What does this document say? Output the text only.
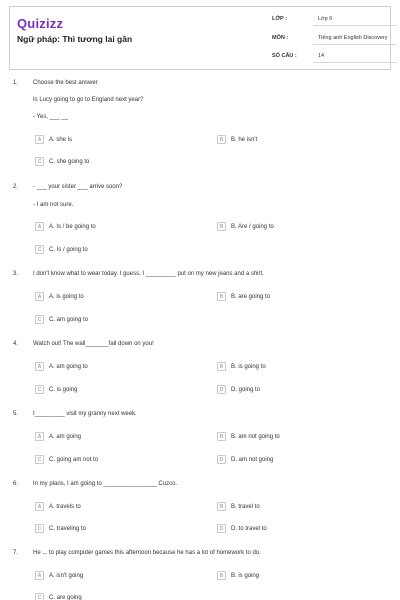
Quizizz
Ngữ pháp: Thì tương lai gần
LỚP :	Lớp 6
MÔN :	Tiếng anh English Discovery
SỐ CÂU :	14
1. Choose the best answer
Is Lucy going to go to England next year?
- Yes, ___ __
A	A. she is	B	B. he isn't
C	C. she going to
2. - ___ your sister ___ arrive soon?
- I am not sure.
A	A. Is / be going to	B	B. Are / going to
C	C. Is / going to
3. I don't know what to wear today. I guess, I _________ put on my new jeans and a shirt.
A	A. is going to	B	B. are going to
C	C. am going to
4. Watch out! The wall_______fall down on you!
A	A. am going to	B	B. is going to
C	C. is going	D	D. going to
5. I_________ visit my granny next week.
A	A. am going	B	B. am not going to
C	C. going am not to	D	D. am not going
6. In my plans, I am going to ________________ Cuzco.
A	A. travels to	B	B. travel to
C	C. traveling to	D	D. to travel to
7. He ... to play computer games this afternoon because he has a lot of homework to do.
A	A. isn't going	B	B. is going
C	C. are going
